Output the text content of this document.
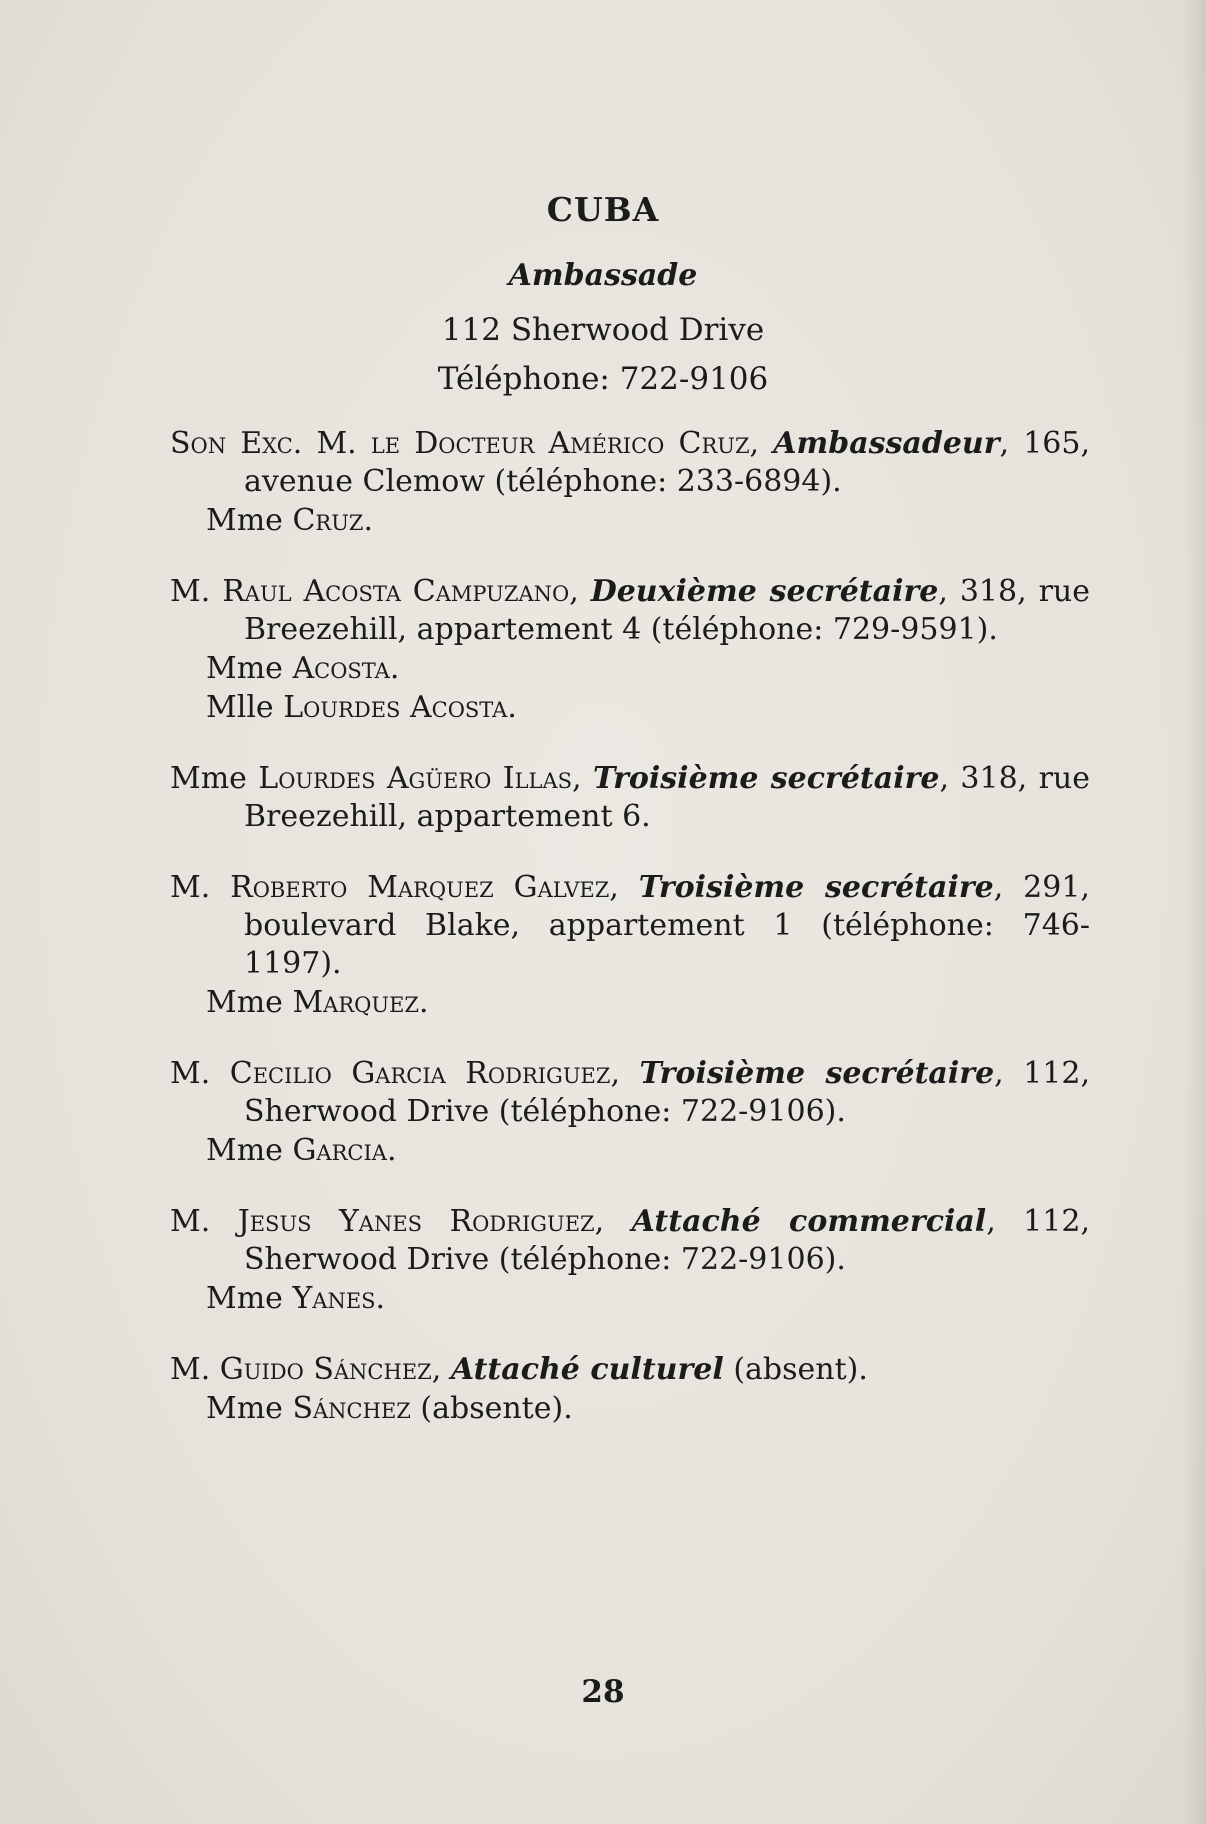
CUBA
Ambassade
112 Sherwood Drive
Téléphone: 722-9106
Son Exc. M. le Docteur Américo Cruz, Ambassadeur, 165, avenue Clemow (téléphone: 233-6894).
Mme Cruz.
M. Raul Acosta Campuzano, Deuxième secrétaire, 318, rue Breezehill, appartement 4 (téléphone: 729-9591).
Mme Acosta.
Mlle Lourdes Acosta.
Mme Lourdes Agüero Illas, Troisième secrétaire, 318, rue Breezehill, appartement 6.
M. Roberto Marquez Galvez, Troisième secrétaire, 291, boulevard Blake, appartement 1 (téléphone: 746-1197).
Mme Marquez.
M. Cecilio Garcia Rodriguez, Troisième secrétaire, 112, Sherwood Drive (téléphone: 722-9106).
Mme Garcia.
M. Jesus Yanes Rodriguez, Attaché commercial, 112, Sherwood Drive (téléphone: 722-9106).
Mme Yanes.
M. Guido Sánchez, Attaché culturel (absent).
Mme Sánchez (absente).
28
